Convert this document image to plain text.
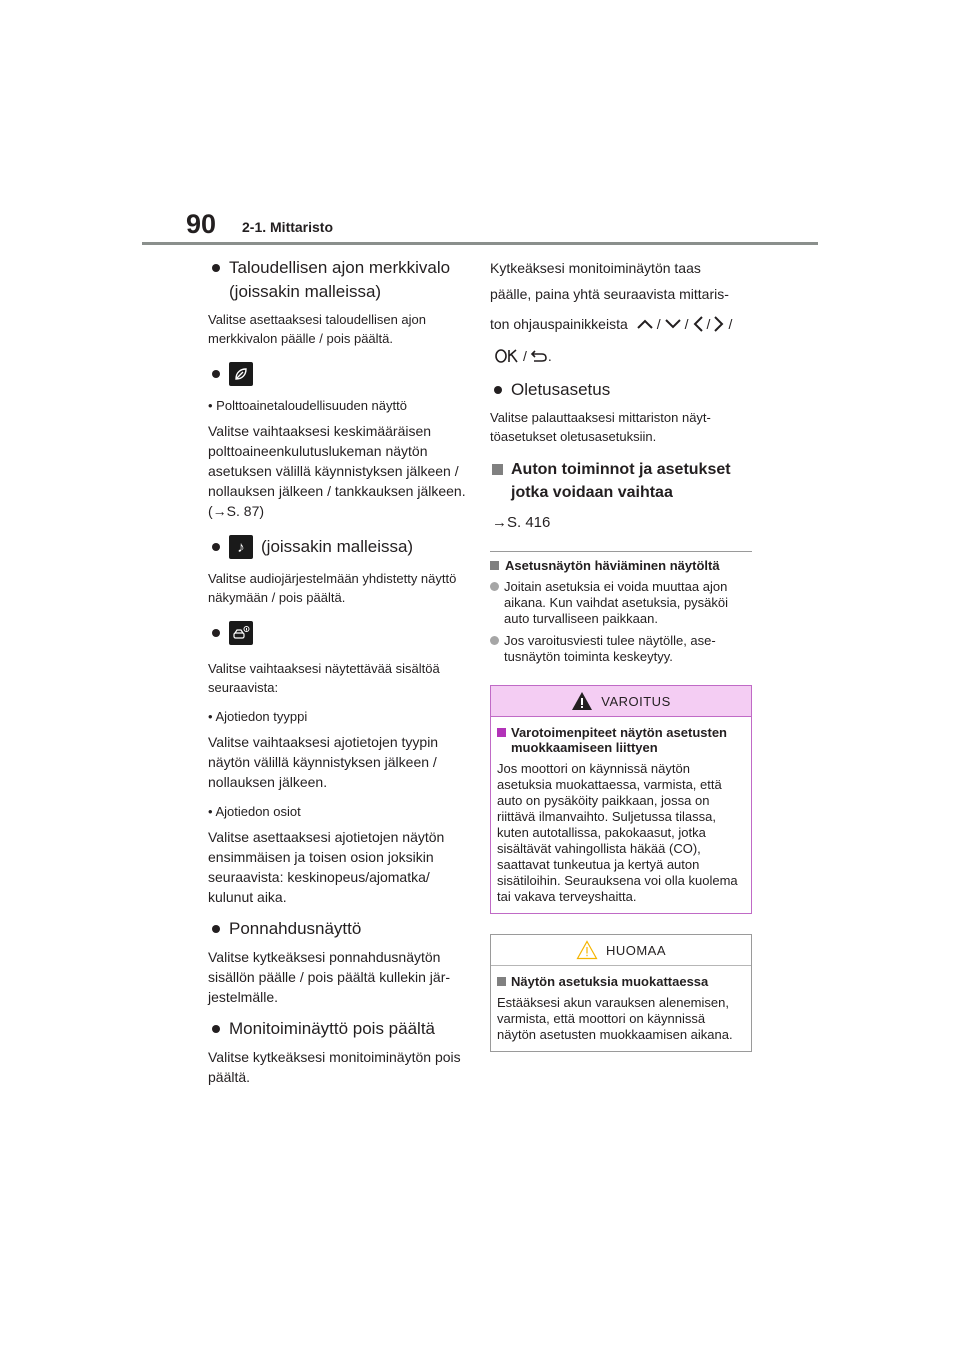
90 2-1. Mittaristo
Taloudellisen ajon merkkivalo (joissakin malleissa)
Valitse asettaaksesi taloudellisen ajon merkkivalon päälle / pois päältä.
• Polttoainetaloudellisuuden näyttö
Valitse vaihtaaksesi keskimääräisen polttoaineenkulutuslukeman näytön asetuksen välillä käynnistyksen jälkeen / nollauksen jälkeen / tankkauksen jälkeen. (→S. 87)
♪ (joissakin malleissa)
Valitse audiojärjestelmään yhdistetty näyttö näkymään / pois päältä.
Valitse vaihtaaksesi näytettävää sisältöä seuraavista:
• Ajotiedon tyyppi
Valitse vaihtaaksesi ajotietojen tyypin näytön välillä käynnistyksen jälkeen / nollauksen jälkeen.
• Ajotiedon osiot
Valitse asettaaksesi ajotietojen näytön ensimmäisen ja toisen osion joksikin seuraavista: keskinopeus/ajomatka/ kulunut aika.
Ponnahdusnäyttö
Valitse kytkeäksesi ponnahdusnäytön sisällön päälle / pois päältä kullekin järjestelmälle.
Monitoiminäyttö pois päältä
Valitse kytkeäksesi monitoiminäytön pois päältä.
Kytkeäksesi monitoiminäytön taas
päälle, paina yhtä seuraavista mittaris-
ton ohjauspainikkeista / / / /
/ .
Oletusasetus
Valitse palauttaaksesi mittariston näyttöasetukset oletusasetuksiin.
Auton toiminnot ja asetukset jotka voidaan vaihtaa
→S. 416
Asetusnäytön häviäminen näytöltä
Joitain asetuksia ei voida muuttaa ajon aikana. Kun vaihdat asetuksia, pysäköi auto turvalliseen paikkaan.
Jos varoitusviesti tulee näytölle, asetusnäytön toiminta keskeytyy.
VAROITUS
Varotoimenpiteet näytön asetusten muokkaamiseen liittyen
Jos moottori on käynnissä näytön asetuksia muokattaessa, varmista, että auto on pysäköity paikkaan, jossa on riittävä ilmanvaihto. Suljetussa tilassa, kuten autotallissa, pakokaasut, jotka sisältävät vahingollista häkää (CO), saattavat tunkeutua ja kertyä auton sisätiloihin. Seurauksena voi olla kuolema tai vakava terveyshaitta.
HUOMAA
Näytön asetuksia muokattaessa
Estääksesi akun varauksen alenemisen, varmista, että moottori on käynnissä näytön asetusten muokkaamisen aikana.
